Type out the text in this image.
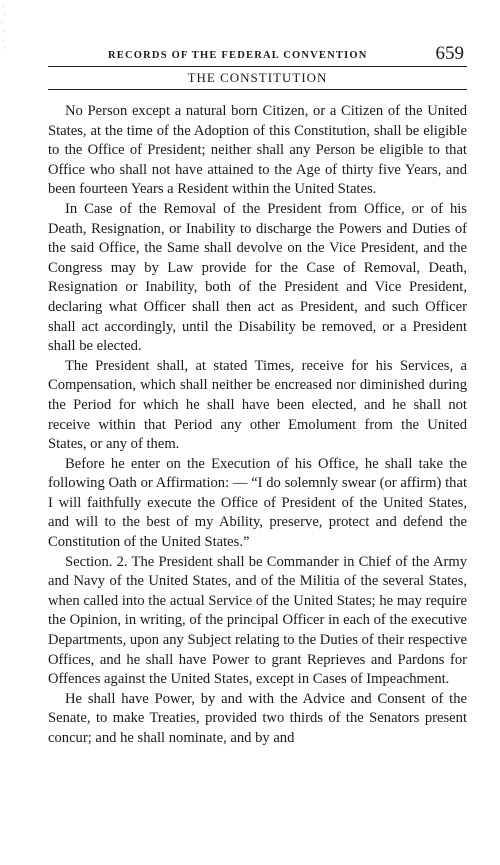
RECORDS OF THE FEDERAL CONVENTION	659
THE CONSTITUTION

No Person except a natural born Citizen, or a Citizen of the United States, at the time of the Adoption of this Constitution, shall be eligible to the Office of President; neither shall any Person be eligible to that Office who shall not have attained to the Age of thirty five Years, and been fourteen Years a Resident within the United States.

In Case of the Removal of the President from Office, or of his Death, Resignation, or Inability to discharge the Powers and Duties of the said Office, the Same shall devolve on the Vice President, and the Congress may by Law provide for the Case of Removal, Death, Resignation or Inability, both of the President and Vice President, declaring what Officer shall then act as President, and such Officer shall act accordingly, until the Disability be removed, or a President shall be elected.

The President shall, at stated Times, receive for his Services, a Compensation, which shall neither be encreased nor diminished during the Period for which he shall have been elected, and he shall not receive within that Period any other Emolument from the United States, or any of them.

Before he enter on the Execution of his Office, he shall take the following Oath or Affirmation: — “I do solemnly swear (or affirm) that I will faithfully execute the Office of President of the United States, and will to the best of my Ability, preserve, protect and defend the Constitution of the United States.”

Section. 2. The President shall be Commander in Chief of the Army and Navy of the United States, and of the Militia of the several States, when called into the actual Service of the United States; he may require the Opinion, in writing, of the principal Officer in each of the executive Departments, upon any Subject relating to the Duties of their respective Offices, and he shall have Power to grant Reprieves and Pardons for Offences against the United States, except in Cases of Impeachment.

He shall have Power, by and with the Advice and Consent of the Senate, to make Treaties, provided two thirds of the Senators present concur; and he shall nominate, and by and
